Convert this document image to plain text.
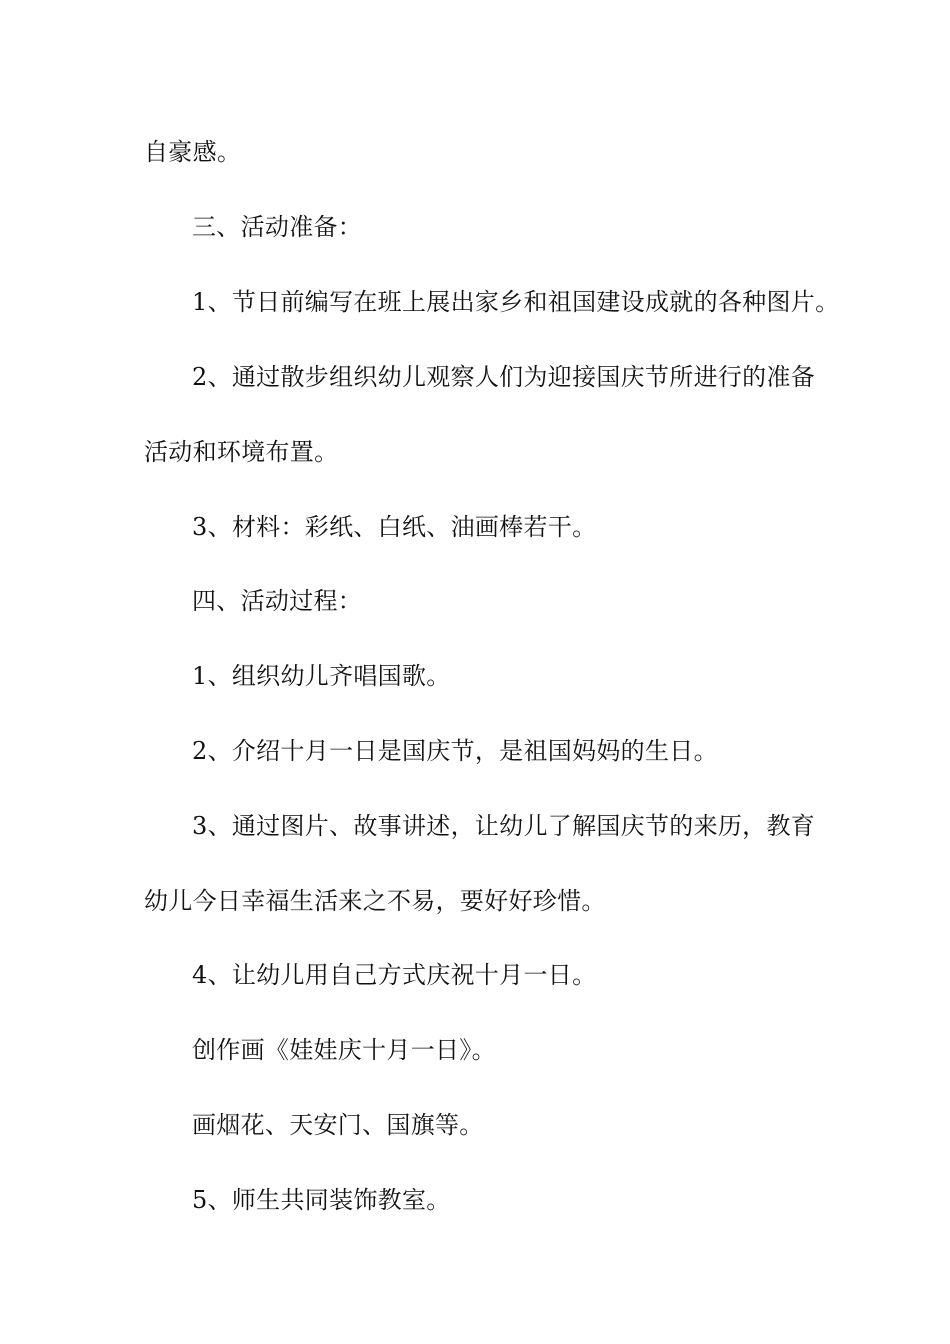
自豪感。
三、活动准备：
1、节日前编写在班上展出家乡和祖国建设成就的各种图片。
2、通过散步组织幼儿观察人们为迎接国庆节所进行的准备
活动和环境布置。
3、材料：彩纸、白纸、油画棒若干。
四、活动过程：
1、组织幼儿齐唱国歌。
2、介绍十月一日是国庆节，是祖国妈妈的生日。
3、通过图片、故事讲述，让幼儿了解国庆节的来历，教育
幼儿今日幸福生活来之不易，要好好珍惜。
4、让幼儿用自己方式庆祝十月一日。
创作画《娃娃庆十月一日》。
画烟花、天安门、国旗等。
5、师生共同装饰教室。
